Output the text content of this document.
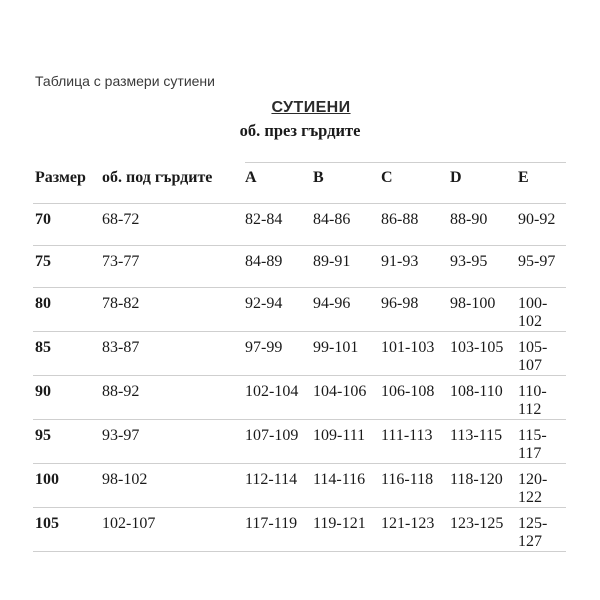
Таблица с размери сутиени
СУТИЕНИ
об. през гърдите
Размер	об. под гърдите	A	B	C	D	E
70	68-72	82-84	84-86	86-88	88-90	90-92
75	73-77	84-89	89-91	91-93	93-95	95-97
80	78-82	92-94	94-96	96-98	98-100	100-102
85	83-87	97-99	99-101	101-103	103-105	105-107
90	88-92	102-104	104-106	106-108	108-110	110-112
95	93-97	107-109	109-111	111-113	113-115	115-117
100	98-102	112-114	114-116	116-118	118-120	120-122
105	102-107	117-119	119-121	121-123	123-125	125-127
